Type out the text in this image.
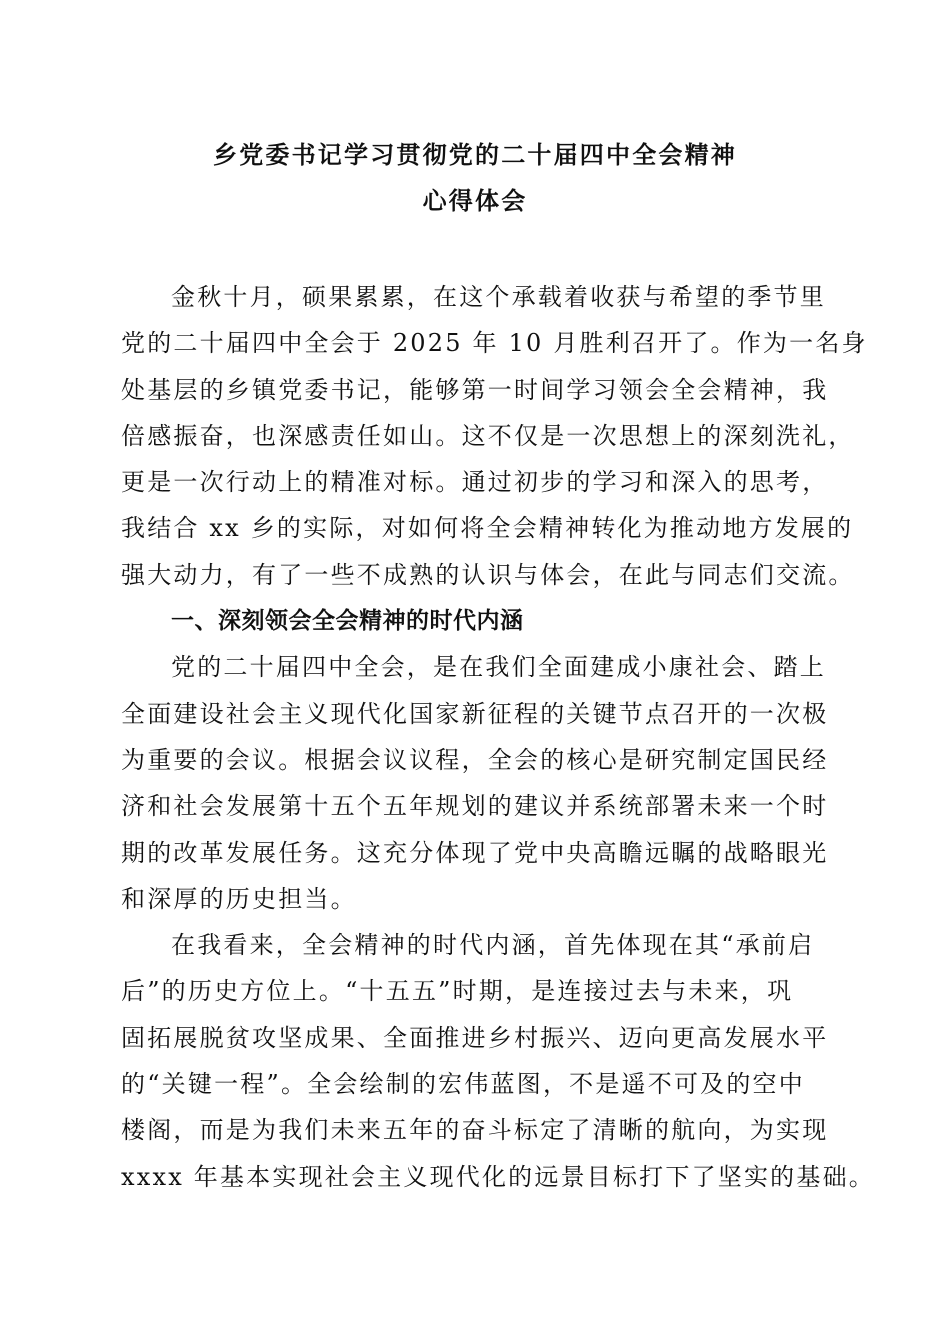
乡党委书记学习贯彻党的二十届四中全会精神
心得体会
金秋十月，硕果累累，在这个承载着收获与希望的季节里
党的二十届四中全会于 2025 年 10 月胜利召开了。作为一名身
处基层的乡镇党委书记，能够第一时间学习领会全会精神，我
倍感振奋，也深感责任如山。这不仅是一次思想上的深刻洗礼，
更是一次行动上的精准对标。通过初步的学习和深入的思考，
我结合 xx 乡的实际，对如何将全会精神转化为推动地方发展的
强大动力，有了一些不成熟的认识与体会，在此与同志们交流。
一、深刻领会全会精神的时代内涵
党的二十届四中全会，是在我们全面建成小康社会、踏上
全面建设社会主义现代化国家新征程的关键节点召开的一次极
为重要的会议。根据会议议程，全会的核心是研究制定国民经
济和社会发展第十五个五年规划的建议并系统部署未来一个时
期的改革发展任务。这充分体现了党中央高瞻远瞩的战略眼光
和深厚的历史担当。
在我看来，全会精神的时代内涵，首先体现在其“承前启
后”的历史方位上。“十五五”时期，是连接过去与未来，巩
固拓展脱贫攻坚成果、全面推进乡村振兴、迈向更高发展水平
的“关键一程”。全会绘制的宏伟蓝图，不是遥不可及的空中
楼阁，而是为我们未来五年的奋斗标定了清晰的航向，为实现
xxxx 年基本实现社会主义现代化的远景目标打下了坚实的基础。
